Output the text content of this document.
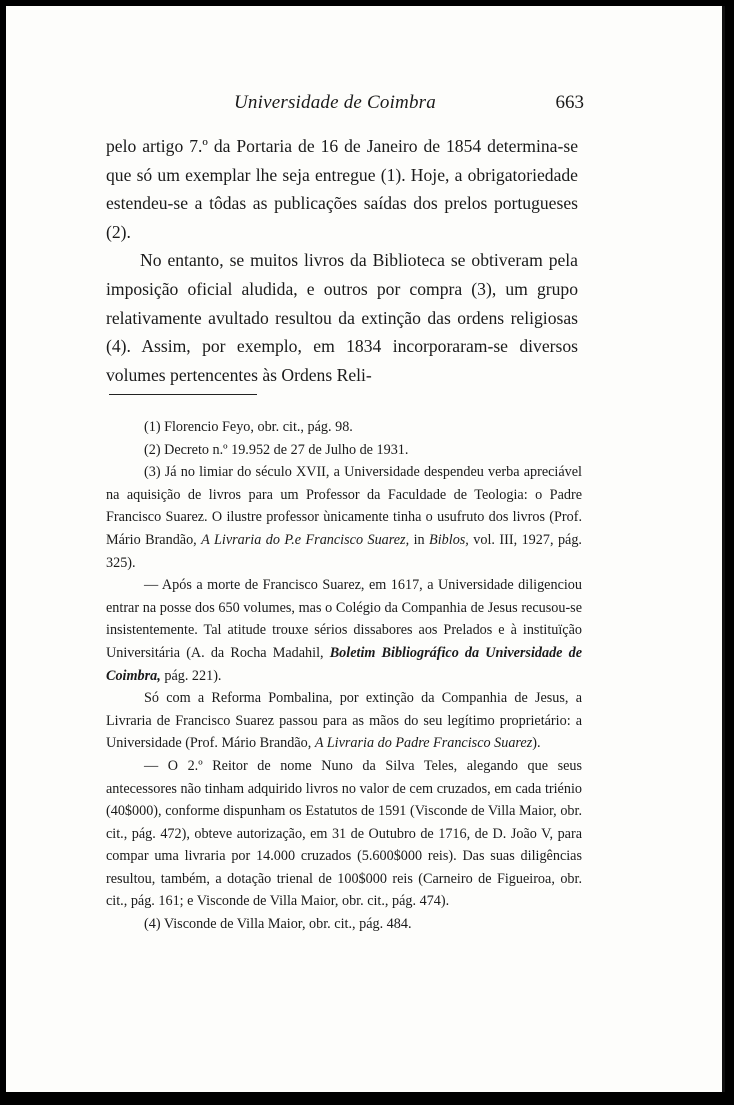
Universidade de Coimbra	663

pelo artigo 7.º da Portaria de 16 de Janeiro de 1854 determina-se que só um exemplar lhe seja entregue (1). Hoje, a obrigatoriedade estendeu-se a tôdas as publicações saídas dos prelos portugueses (2).

No entanto, se muitos livros da Biblioteca se obtiveram pela imposição oficial aludida, e outros por compra (3), um grupo relativamente avultado resultou da extinção das ordens religiosas (4). Assim, por exemplo, em 1834 incorporaram-se diversos volumes pertencentes às Ordens Reli-

(1) Florencio Feyo, obr. cit., pág. 98.

(2) Decreto n.º 19.952 de 27 de Julho de 1931.

(3) Já no limiar do século XVII, a Universidade despendeu verba apreciável na aquisição de livros para um Professor da Faculdade de Teologia: o Padre Francisco Suarez. O ilustre professor ùnicamente tinha o usufruto dos livros (Prof. Mário Brandão, A Livraria do P.e Francisco Suarez, in Biblos, vol. III, 1927, pág. 325).

— Após a morte de Francisco Suarez, em 1617, a Universidade diligenciou entrar na posse dos 650 volumes, mas o Colégio da Companhia de Jesus recusou-se insistentemente. Tal atitude trouxe sérios dissabores aos Prelados e à instituïção Universitária (A. da Rocha Madahil, Boletim Bibliográfico da Universidade de Coimbra, pág. 221).

Só com a Reforma Pombalina, por extinção da Companhia de Jesus, a Livraria de Francisco Suarez passou para as mãos do seu legítimo proprietário: a Universidade (Prof. Mário Brandão, A Livraria do Padre Francisco Suarez).

— O 2.º Reitor de nome Nuno da Silva Teles, alegando que seus antecessores não tinham adquirido livros no valor de cem cruzados, em cada triénio (40$000), conforme dispunham os Estatutos de 1591 (Visconde de Villa Maior, obr. cit., pág. 472), obteve autorização, em 31 de Outubro de 1716, de D. João V, para compar uma livraria por 14.000 cruzados (5.600$000 reis). Das suas diligências resultou, também, a dotação trienal de 100$000 reis (Carneiro de Figueiroa, obr. cit., pág. 161; e Visconde de Villa Maior, obr. cit., pág. 474).

(4) Visconde de Villa Maior, obr. cit., pág. 484.
